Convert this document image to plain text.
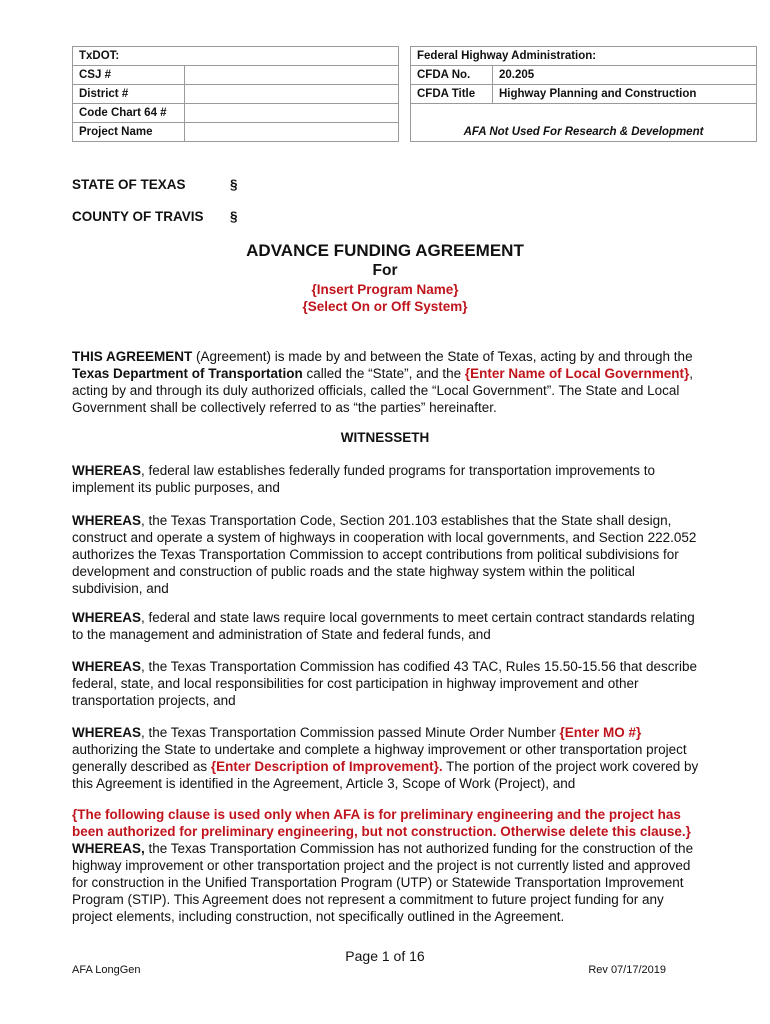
TxDOT:			Federal Highway Administration:	
CSJ #			CFDA No.	20.205
District #			CFDA Title	Highway Planning and Construction
Code Chart 64 #				
Project Name			AFA Not Used For Research & Development	
STATE OF TEXAS	§
COUNTY OF TRAVIS §
ADVANCE FUNDING AGREEMENT
For
{Insert Program Name}
{Select On or Off System}

THIS AGREEMENT (Agreement) is made by and between the State of Texas, acting by and through the Texas Department of Transportation called the “State”, and the {Enter Name of Local Government}, acting by and through its duly authorized officials, called the “Local Government”. The State and Local Government shall be collectively referred to as “the parties” hereinafter.

WITNESSETH

WHEREAS, federal law establishes federally funded programs for transportation improvements to implement its public purposes, and

WHEREAS, the Texas Transportation Code, Section 201.103 establishes that the State shall design, construct and operate a system of highways in cooperation with local governments, and Section 222.052 authorizes the Texas Transportation Commission to accept contributions from political subdivisions for development and construction of public roads and the state highway system within the political subdivision, and

WHEREAS, federal and state laws require local governments to meet certain contract standards relating to the management and administration of State and federal funds, and

WHEREAS, the Texas Transportation Commission has codified 43 TAC, Rules 15.50-15.56 that describe federal, state, and local responsibilities for cost participation in highway improvement and other transportation projects, and

WHEREAS, the Texas Transportation Commission passed Minute Order Number {Enter MO #} authorizing the State to undertake and complete a highway improvement or other transportation project generally described as {Enter Description of Improvement}. The portion of the project work covered by this Agreement is identified in the Agreement, Article 3, Scope of Work (Project), and

{The following clause is used only when AFA is for preliminary engineering and the project has been authorized for preliminary engineering, but not construction. Otherwise delete this clause.}
WHEREAS, the Texas Transportation Commission has not authorized funding for the construction of the highway improvement or other transportation project and the project is not currently listed and approved for construction in the Unified Transportation Program (UTP) or Statewide Transportation Improvement Program (STIP). This Agreement does not represent a commitment to future project funding for any project elements, including construction, not specifically outlined in the Agreement.

Page 1 of 16
AFA LongGen	Rev 07/17/2019
